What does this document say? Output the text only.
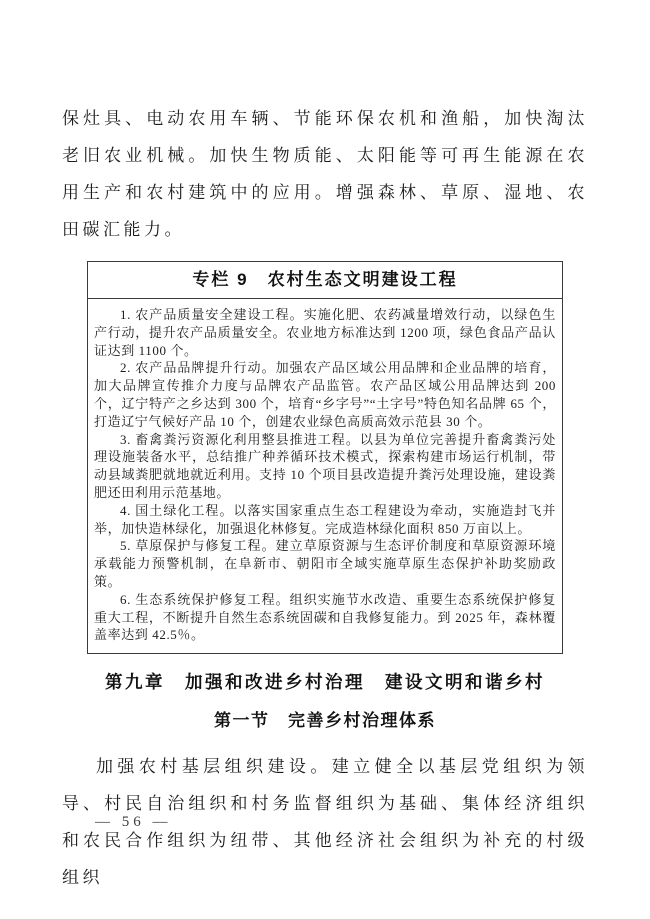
保灶具、电动农用车辆、节能环保农机和渔船，加快淘汰老旧农业机械。加快生物质能、太阳能等可再生能源在农用生产和农村建筑中的应用。增强森林、草原、湿地、农田碳汇能力。

专栏 9　农村生态文明建设工程

1. 农产品质量安全建设工程。实施化肥、农药减量增效行动，以绿色生产行动，提升农产品质量安全。农业地方标准达到 1200 项，绿色食品产品认证达到 1100 个。

2. 农产品品牌提升行动。加强农产品区域公用品牌和企业品牌的培育，加大品牌宣传推介力度与品牌农产品监管。农产品区域公用品牌达到 200 个，辽宁特产之乡达到 300 个，培育“乡字号”“土字号”特色知名品牌 65 个，打造辽宁气候好产品 10 个，创建农业绿色高质高效示范县 30 个。

3. 畜禽粪污资源化利用整县推进工程。以县为单位完善提升畜禽粪污处理设施装备水平，总结推广种养循环技术模式，探索构建市场运行机制，带动县域粪肥就地就近利用。支持 10 个项目县改造提升粪污处理设施，建设粪肥还田利用示范基地。

4. 国土绿化工程。以落实国家重点生态工程建设为牵动，实施造封飞并举，加快造林绿化，加强退化林修复。完成造林绿化面积 850 万亩以上。

5. 草原保护与修复工程。建立草原资源与生态评价制度和草原资源环境承载能力预警机制，在阜新市、朝阳市全域实施草原生态保护补助奖励政策。

6. 生态系统保护修复工程。组织实施节水改造、重要生态系统保护修复重大工程，不断提升自然生态系统固碳和自我修复能力。到 2025 年，森林覆盖率达到 42.5％。

第九章　加强和改进乡村治理　建设文明和谐乡村
第一节　完善乡村治理体系

加强农村基层组织建设。建立健全以基层党组织为领导、村民自治组织和村务监督组织为基础、集体经济组织和农民合作组织为纽带、其他经济社会组织为补充的村级组织

— 56 —
